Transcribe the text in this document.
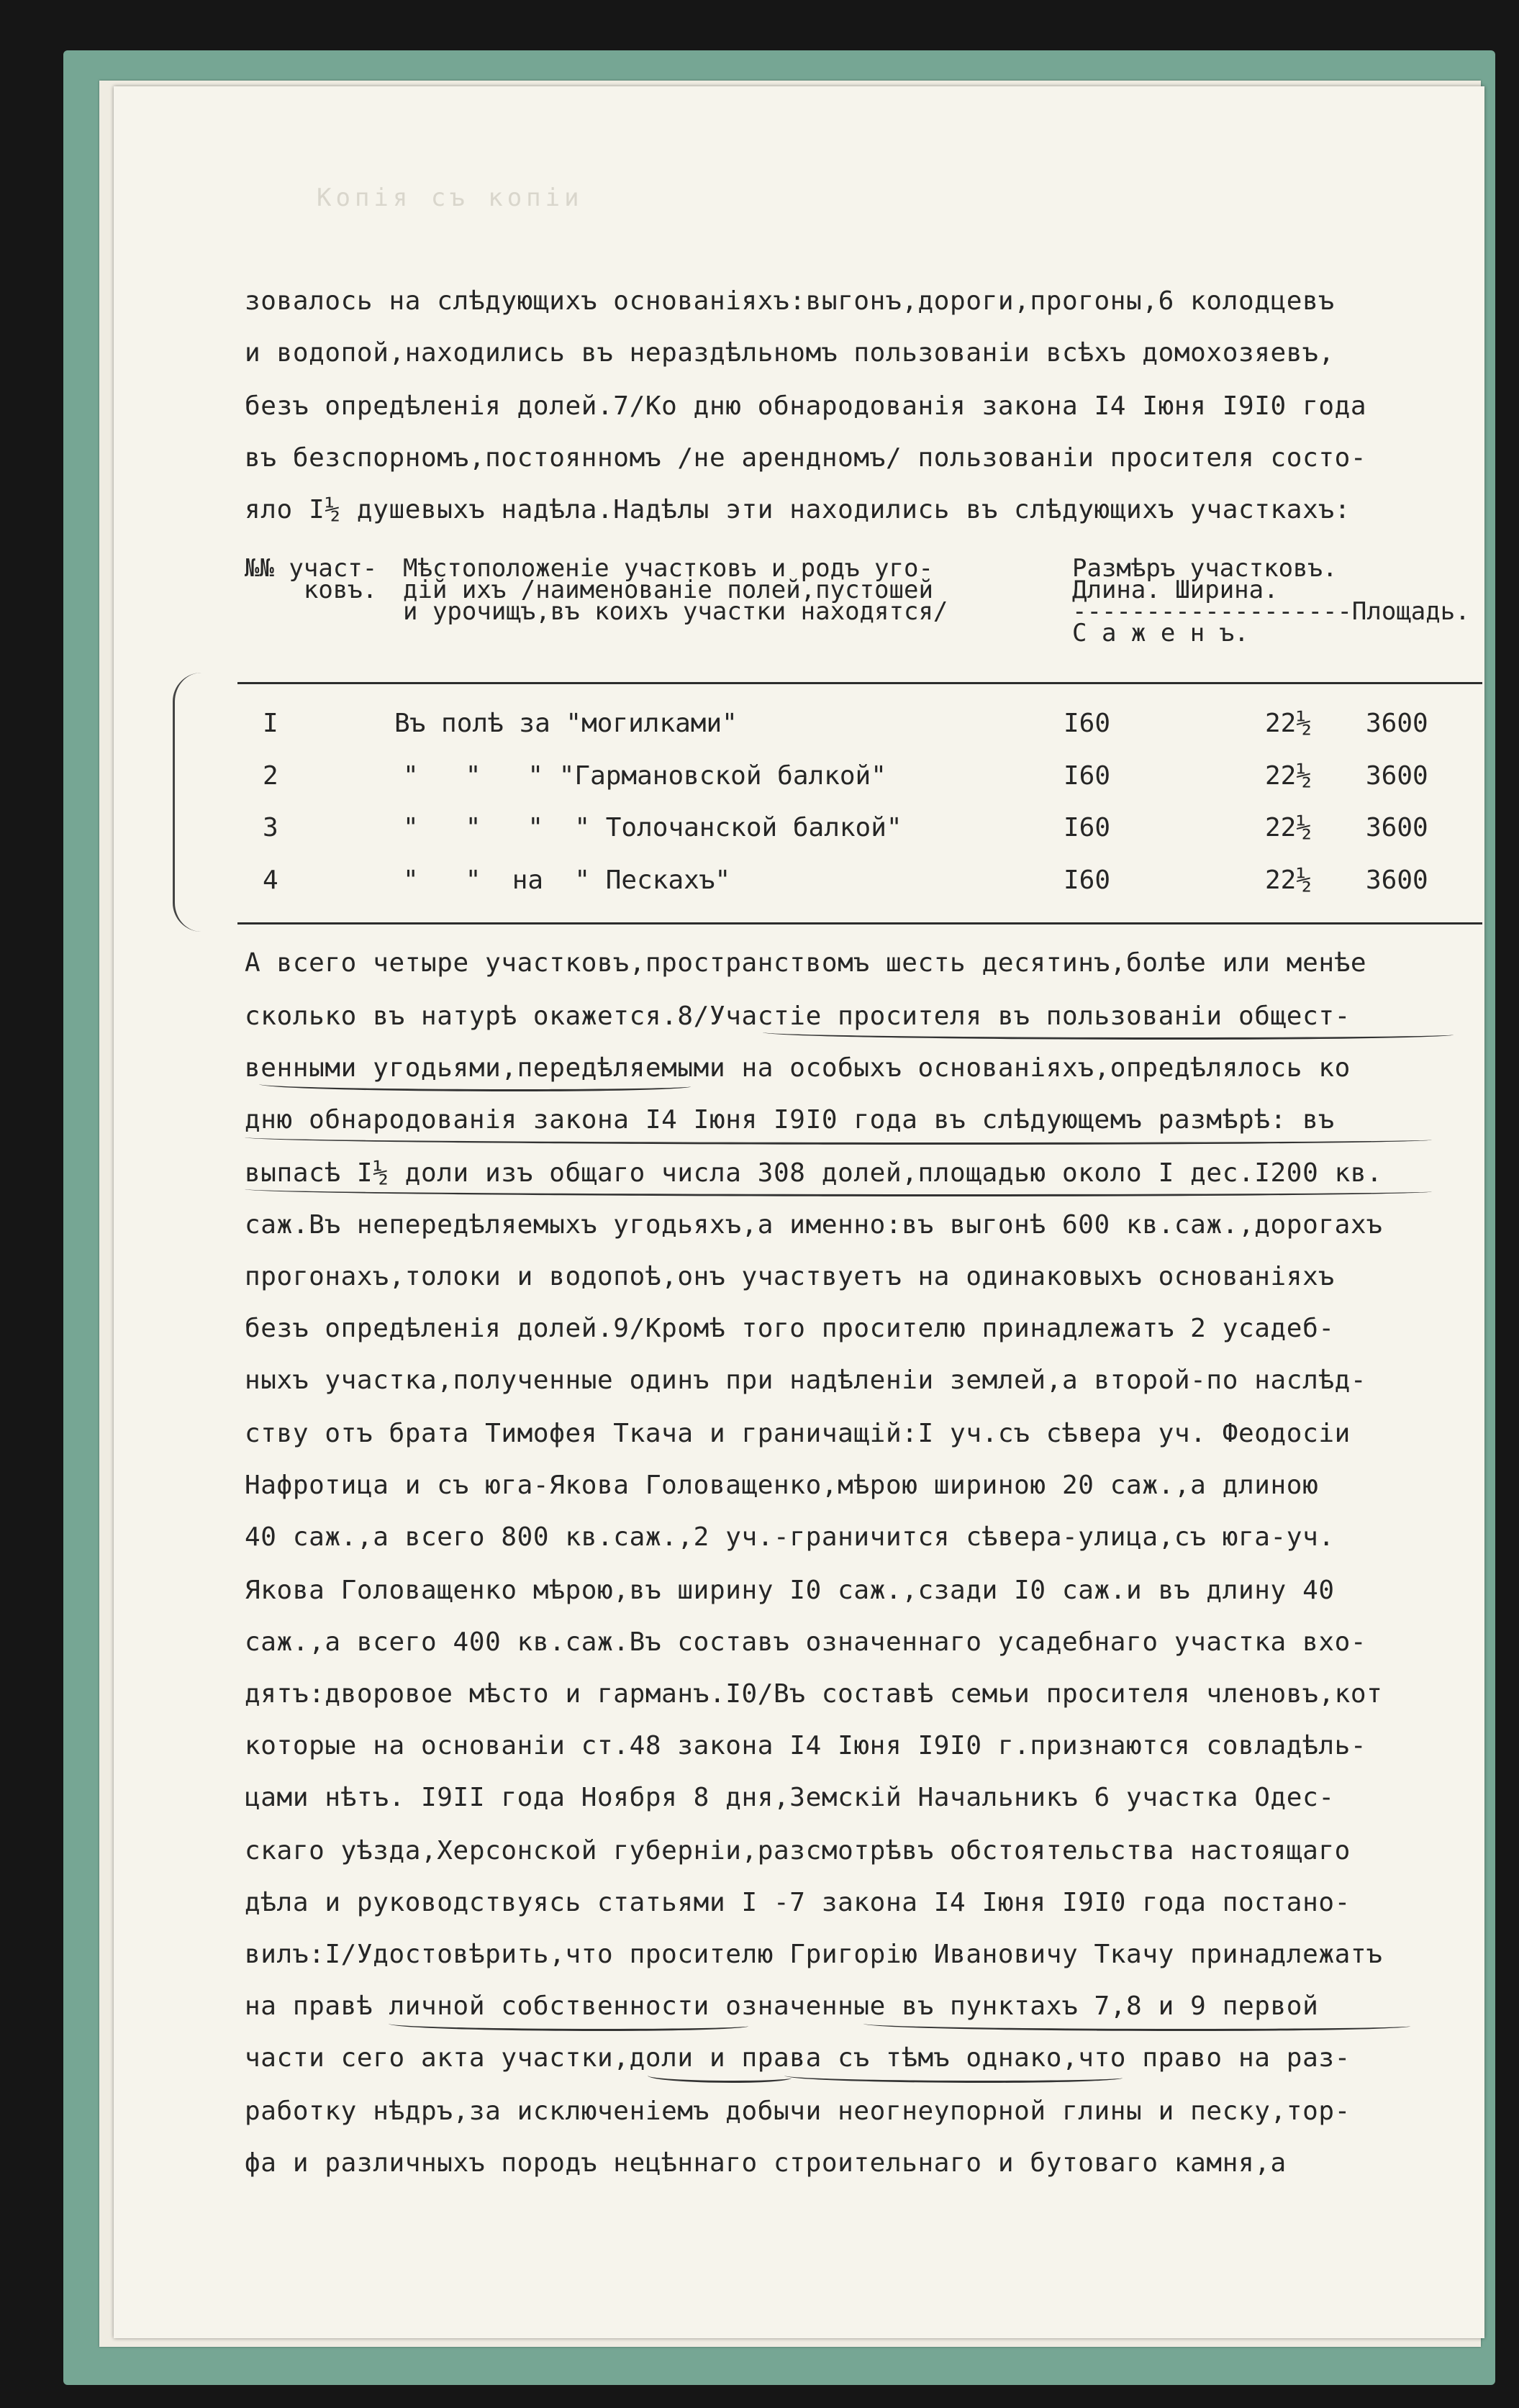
Копія съ копіи
зовалось на слѣдующихъ основаніяхъ:выгонъ,дороги,прогоны,6 колодцевъ
и водопой,находились въ нераздѣльномъ пользованіи всѣхъ домохозяевъ,
безъ опредѣленія долей.7/Ко дню обнародованія закона I4 Іюня I9I0 года
въ безспорномъ,постоянномъ /не арендномъ/ пользованіи просителя состо-
яло I½ душевыхъ надѣла.Надѣлы эти находились въ слѣдующихъ участкахъ:
№№ участ-
ковъ.
Мѣстоположеніе участковъ и родъ уго-
дій ихъ /наименованіе полей,пустошей
и урочищъ,въ коихъ участки находятся/
Размѣръ участковъ.
Длина. Ширина.
-------------------Площадь.
С а ж е н ъ.
I	Въ полѣ за "могилками"	I60	22½ 3600
2	"   "   " "Гармановской балкой"	I60	22½ 3600
3	"   "   "  " Толочанской балкой"	I60	22½ 3600
4	"   "  на  " Пескахъ"	I60	22½ 3600
А всего четыре участковъ,пространствомъ шесть десятинъ,болѣе или менѣе
сколько въ натурѣ окажется.8/Участіе просителя въ пользованіи общест-
венными угодьями,передѣляемыми на особыхъ основаніяхъ,опредѣлялось ко
дню обнародованія закона I4 Іюня I9I0 года въ слѣдующемъ размѣрѣ: въ
выпасѣ I½ доли изъ общаго числа 308 долей,площадью около I дес.I200 кв.
саж.Въ непередѣляемыхъ угодьяхъ,а именно:въ выгонѣ 600 кв.саж.,дорогахъ
прогонахъ,толоки и водопоѣ,онъ участвуетъ на одинаковыхъ основаніяхъ
безъ опредѣленія долей.9/Кромѣ того просителю принадлежатъ 2 усадеб-
ныхъ участка,полученные одинъ при надѣленіи землей,а второй-по наслѣд-
ству отъ брата Тимофея Ткача и граничащій:I уч.съ сѣвера уч. Феодосіи
Нафротица и съ юга-Якова Головащенко,мѣрою шириною 20 саж.,а длиною
40 саж.,а всего 800 кв.саж.,2 уч.-граничится сѣвера-улица,съ юга-уч.
Якова Головащенко мѣрою,въ ширину I0 саж.,сзади I0 саж.и въ длину 40
саж.,а всего 400 кв.саж.Въ составъ означеннаго усадебнаго участка вхо-
дятъ:дворовое мѣсто и гарманъ.I0/Въ составѣ семьи просителя членовъ,кот
которые на основаніи ст.48 закона I4 Іюня I9I0 г.признаются совладѣль-
цами нѣтъ. I9II года Ноября 8 дня,Земскій Начальникъ 6 участка Одес-
скаго уѣзда,Херсонской губерніи,разсмотрѣвъ обстоятельства настоящаго
дѣла и руководствуясь статьями I -7 закона I4 Іюня I9I0 года постано-
вилъ:I/Удостовѣрить,что просителю Григорію Ивановичу Ткачу принадлежатъ
на правѣ личной собственности означенные въ пунктахъ 7,8 и 9 первой
части сего акта участки,доли и права съ тѣмъ однако,что право на раз-
работку нѣдръ,за исключеніемъ добычи неогнеупорной глины и песку,тор-
фа и различныхъ породъ нецѣннаго строительнаго и бутоваго камня,а
